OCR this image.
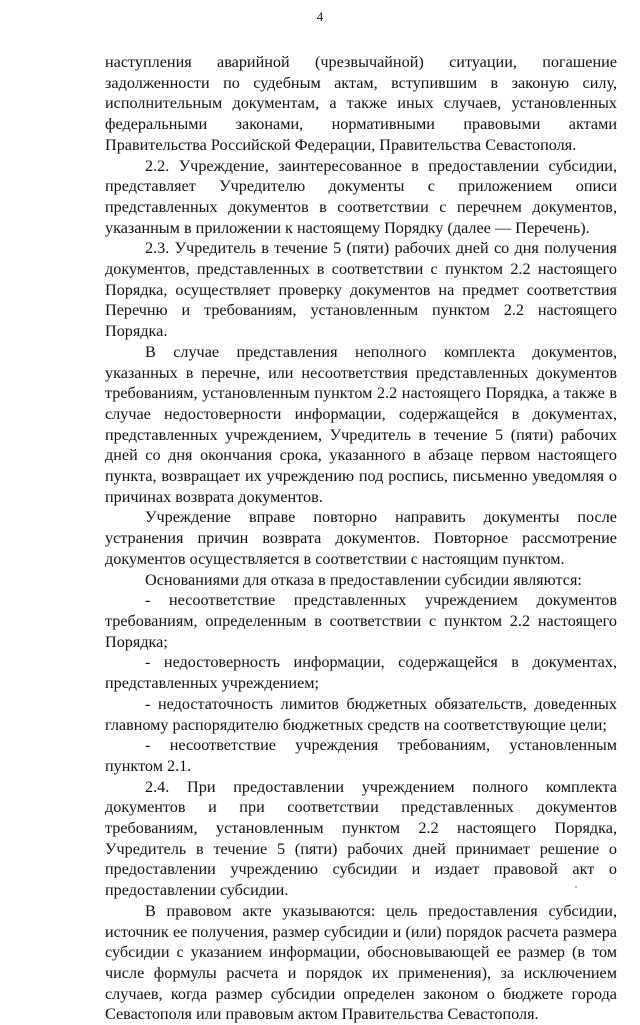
4

наступления аварийной (чрезвычайной) ситуации, погашение задолженности по судебным актам, вступившим в законую силу, исполнительным документам, а также иных случаев, установленных федеральными законами, нормативными правовыми актами Правительства Российской Федерации, Правительства Севастополя.

2.2. Учреждение, заинтересованное в предоставлении субсидии, представляет Учредителю документы с приложением описи представленных документов в соответствии с перечнем документов, указанным в приложении к настоящему Порядку (далее — Перечень).

2.3. Учредитель в течение 5 (пяти) рабочих дней со дня получения документов, представленных в соответствии с пунктом 2.2 настоящего Порядка, осуществляет проверку документов на предмет соответствия Перечню и требованиям, установленным пунктом 2.2 настоящего Порядка.

В случае представления неполного комплекта документов, указанных в перечне, или несоответствия представленных документов требованиям, установленным пунктом 2.2 настоящего Порядка, а также в случае недостоверности информации, содержащейся в документах, представленных учреждением, Учредитель в течение 5 (пяти) рабочих дней со дня окончания срока, указанного в абзаце первом настоящего пункта, возвращает их учреждению под роспись, письменно уведомляя о причинах возврата документов.

Учреждение вправе повторно направить документы после устранения причин возврата документов. Повторное рассмотрение документов осуществляется в соответствии с настоящим пунктом.

Основаниями для отказа в предоставлении субсидии являются:

- несоответствие представленных учреждением документов требованиям, определенным в соответствии с пунктом 2.2 настоящего Порядка;

- недостоверность информации, содержащейся в документах, представленных учреждением;

- недостаточность лимитов бюджетных обязательств, доведенных главному распорядителю бюджетных средств на соответствующие цели;

- несоответствие учреждения требованиям, установленным пунктом 2.1.

2.4. При предоставлении учреждением полного комплекта документов и при соответствии представленных документов требованиям, установленным пунктом 2.2 настоящего Порядка, Учредитель в течение 5 (пяти) рабочих дней принимает решение о предоставлении учреждению субсидии и издает правовой акт о предоставлении субсидии.

В правовом акте указываются: цель предоставления субсидии, источник ее получения, размер субсидии и (или) порядок расчета размера субсидии с указанием информации, обосновывающей ее размер (в том числе формулы расчета и порядок их применения), за исключением случаев, когда размер субсидии определен законом о бюджете города Севастополя или правовым актом Правительства Севастополя.
